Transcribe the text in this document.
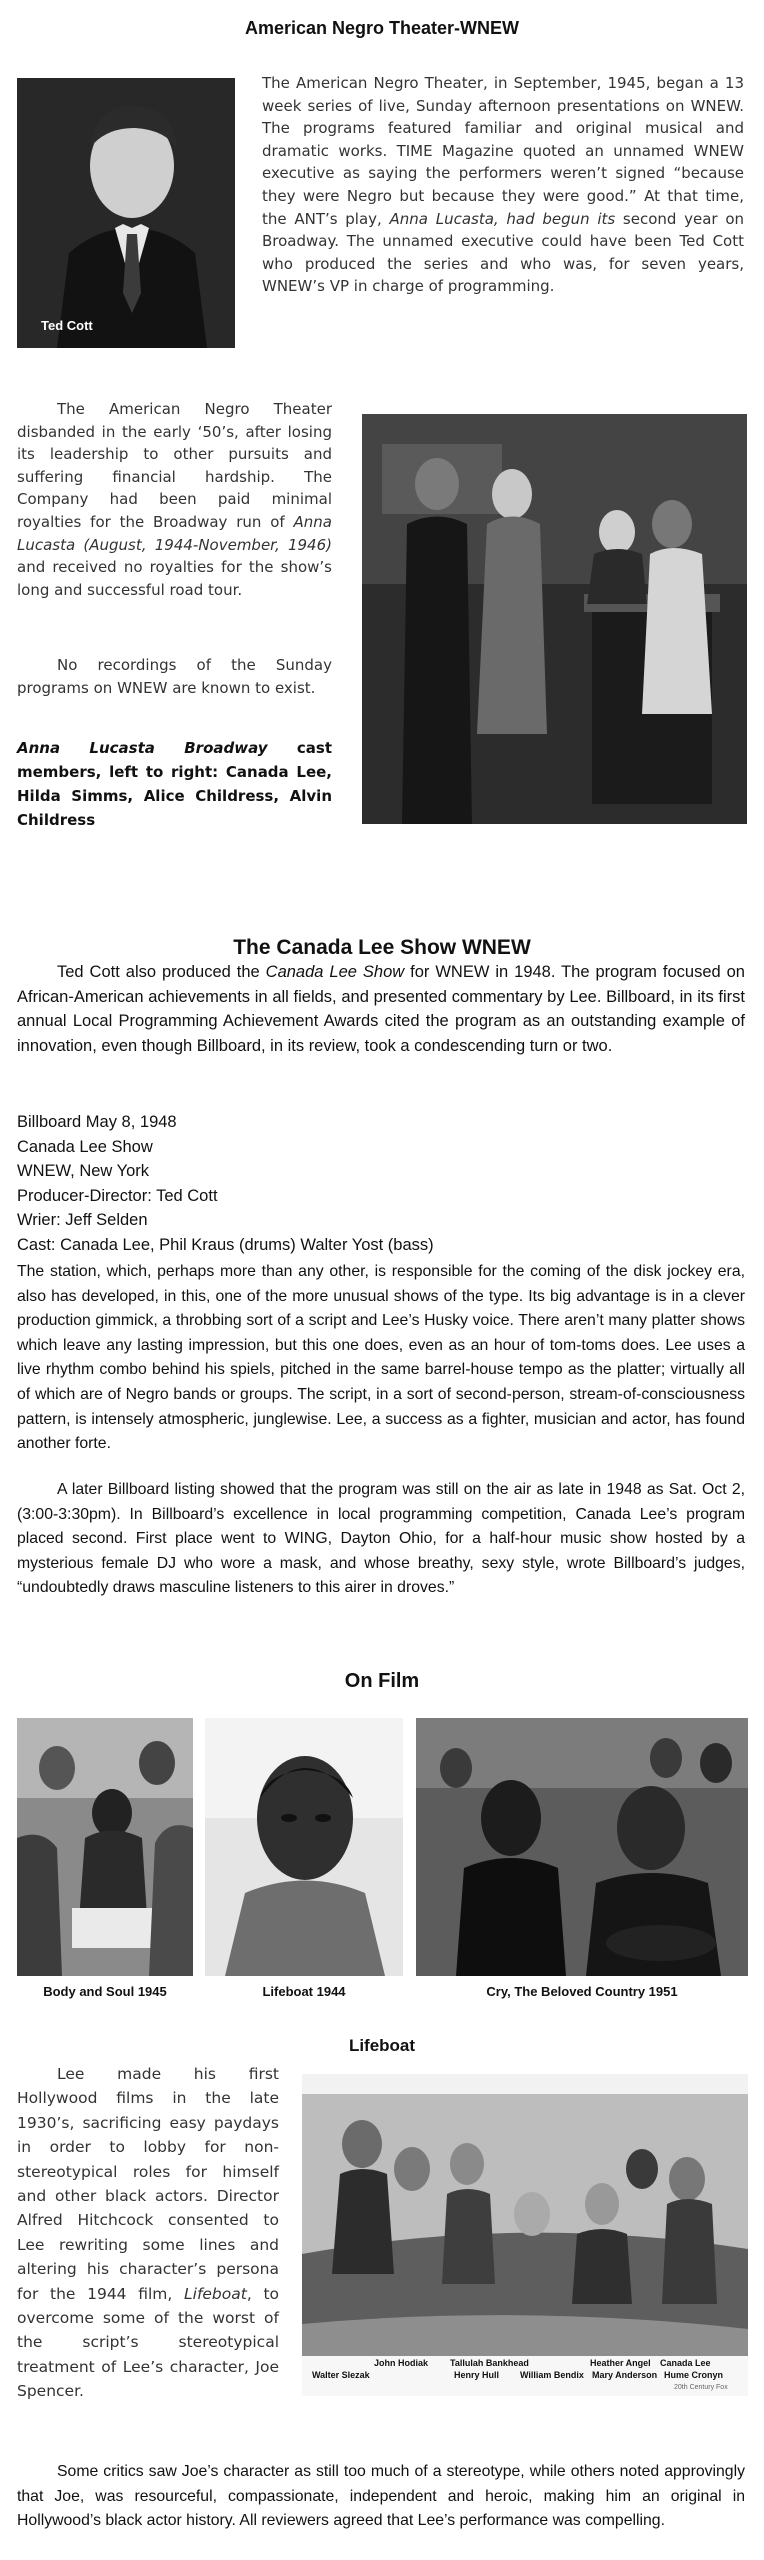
American Negro Theater-WNEW
Ted Cott

The American Negro Theater, in September, 1945, began a 13 week series of live, Sunday afternoon presentations on WNEW. The programs featured familiar and original musical and dramatic works. TIME Magazine quoted an unnamed WNEW executive as saying the performers weren’t signed “because they were Negro but because they were good.” At that time, the ANT’s play, Anna Lucasta, had begun its second year on Broadway. The unnamed executive could have been Ted Cott who produced the series and who was, for seven years, WNEW’s VP in charge of programming.

The American Negro Theater disbanded in the early ‘50’s, after losing its leadership to other pursuits and suffering financial hardship. The Company had been paid minimal royalties for the Broadway run of Anna Lucasta (August, 1944-November, 1946) and received no royalties for the show’s long and successful road tour.

No recordings of the Sunday programs on WNEW are known to exist.

Anna Lucasta Broadway cast members, left to right: Canada Lee, Hilda Simms, Alice Childress, Alvin Childress

The Canada Lee Show WNEW

Ted Cott also produced the Canada Lee Show for WNEW in 1948. The program focused on African-American achievements in all fields, and presented commentary by Lee. Billboard, in its first annual Local Programming Achievement Awards cited the program as an outstanding example of innovation, even though Billboard, in its review, took a condescending turn or two.

Billboard May 8, 1948
Canada Lee Show
WNEW, New York
Producer-Director: Ted Cott
Wrier: Jeff Selden
Cast: Canada Lee, Phil Kraus (drums) Walter Yost (bass)

The station, which, perhaps more than any other, is responsible for the coming of the disk jockey era, also has developed, in this, one of the more unusual shows of the type. Its big advantage is in a clever production gimmick, a throbbing sort of a script and Lee’s Husky voice. There aren’t many platter shows which leave any lasting impression, but this one does, even as an hour of tom-toms does. Lee uses a live rhythm combo behind his spiels, pitched in the same barrel-house tempo as the platter; virtually all of which are of Negro bands or groups. The script, in a sort of second-person, stream-of-consciousness pattern, is intensely atmospheric, junglewise. Lee, a success as a fighter, musician and actor, has found another forte.

A later Billboard listing showed that the program was still on the air as late in 1948 as Sat. Oct 2, (3:00-3:30pm). In Billboard’s excellence in local programming competition, Canada Lee’s program placed second. First place went to WING, Dayton Ohio, for a half-hour music show hosted by a mysterious female DJ who wore a mask, and whose breathy, sexy style, wrote Billboard’s judges, “undoubtedly draws masculine listeners to this airer in droves.”

On Film
Body and Soul 1945	Lifeboat 1944	Cry, The Beloved Country 1951
Lifeboat

Lee made his first Hollywood films in the late 1930’s, sacrificing easy paydays in order to lobby for non-stereotypical roles for himself and other black actors. Director Alfred Hitchcock consented to Lee rewriting some lines and altering his character’s persona for the 1944 film, Lifeboat, to overcome some of the worst of the script’s stereotypical treatment of Lee’s character, Joe Spencer.

John Hodiak Tallulah Bankhead	Heather Angel Canada Lee
Walter Slezak	Henry Hull William Bendix Mary Anderson Hume Cronyn
20th Century Fox

Some critics saw Joe’s character as still too much of a stereotype, while others noted approvingly that Joe, was resourceful, compassionate, independent and heroic, making him an original in Hollywood’s black actor history. All reviewers agreed that Lee’s performance was compelling.
